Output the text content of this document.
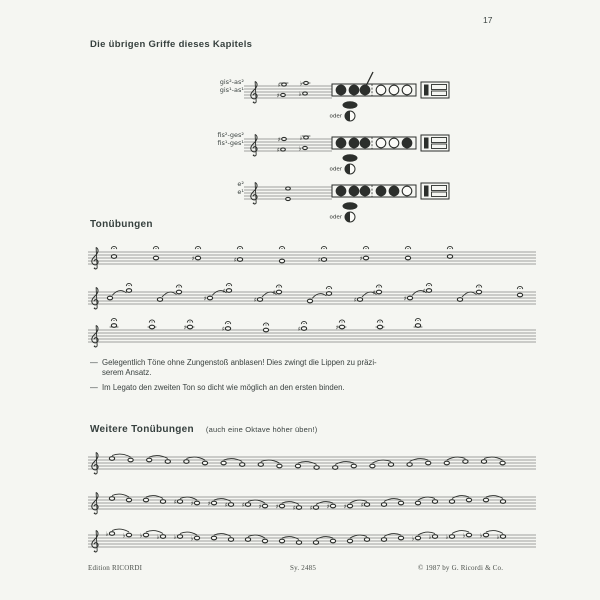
17
Die übrigen Griffe dieses Kapitels
gis²-as²
gis¹-as¹
♯	♭
♯	♭
oder
fis²-ges²
fis¹-ges¹	♯	♭
♯	♭
oder
e²
e¹
oder
Tonübungen
♯	♯	♯	♯
♯
♯
♯
♯
♯
♯
♯
♯
♯	♯	♯	♯
— Gelegentlich Töne ohne Zungenstoß anblasen! Dies zwingt die Lippen zu präzi-
serem Ansatz.
— Im Legato den zweiten Ton so dicht wie möglich an den ersten binden.
Weitere Tonübungen (auch eine Oktave höher üben!)
♯ ♯ ♯ ♯ ♯ ♯ ♯ ♯ ♯ ♯ ♯ ♯
♭ ♭ ♭ ♭ ♭ ♭	♭ ♭ ♭ ♭ ♭ ♭
Edition RICORDI	Sy. 2485	© 1987 by G. Ricordi & Co.
